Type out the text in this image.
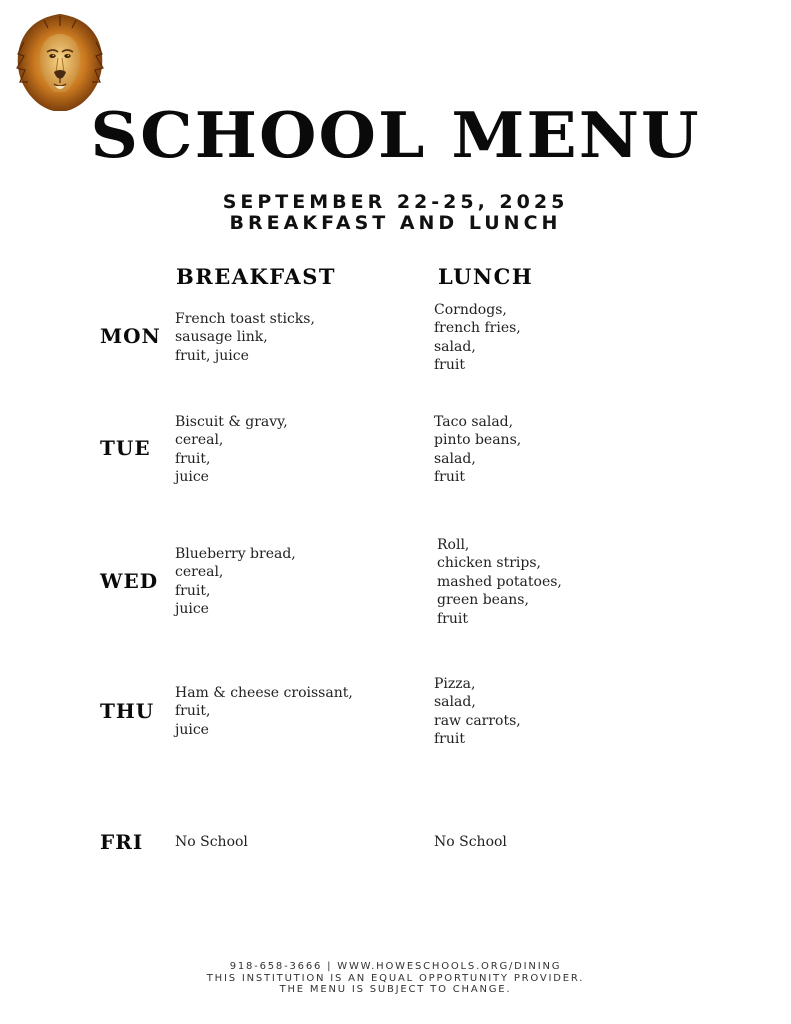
SCHOOL MENU
SEPTEMBER 22-25, 2025
BREAKFAST AND LUNCH
BREAKFAST	LUNCH
MON
French toast sticks,
sausage link,
fruit, juice
Corndogs,
french fries,
salad,
fruit
TUE
Biscuit & gravy,
cereal,
fruit,
juice
Taco salad,
pinto beans,
salad,
fruit
WED
Blueberry bread,
cereal,
fruit,
juice
Roll,
chicken strips,
mashed potatoes,
green beans,
fruit
THU
Ham & cheese croissant,
fruit,
juice
Pizza,
salad,
raw carrots,
fruit
FRI No School	No School
918-658-3666 | WWW.HOWESCHOOLS.ORG/DINING
THIS INSTITUTION IS AN EQUAL OPPORTUNITY PROVIDER.
THE MENU IS SUBJECT TO CHANGE.
